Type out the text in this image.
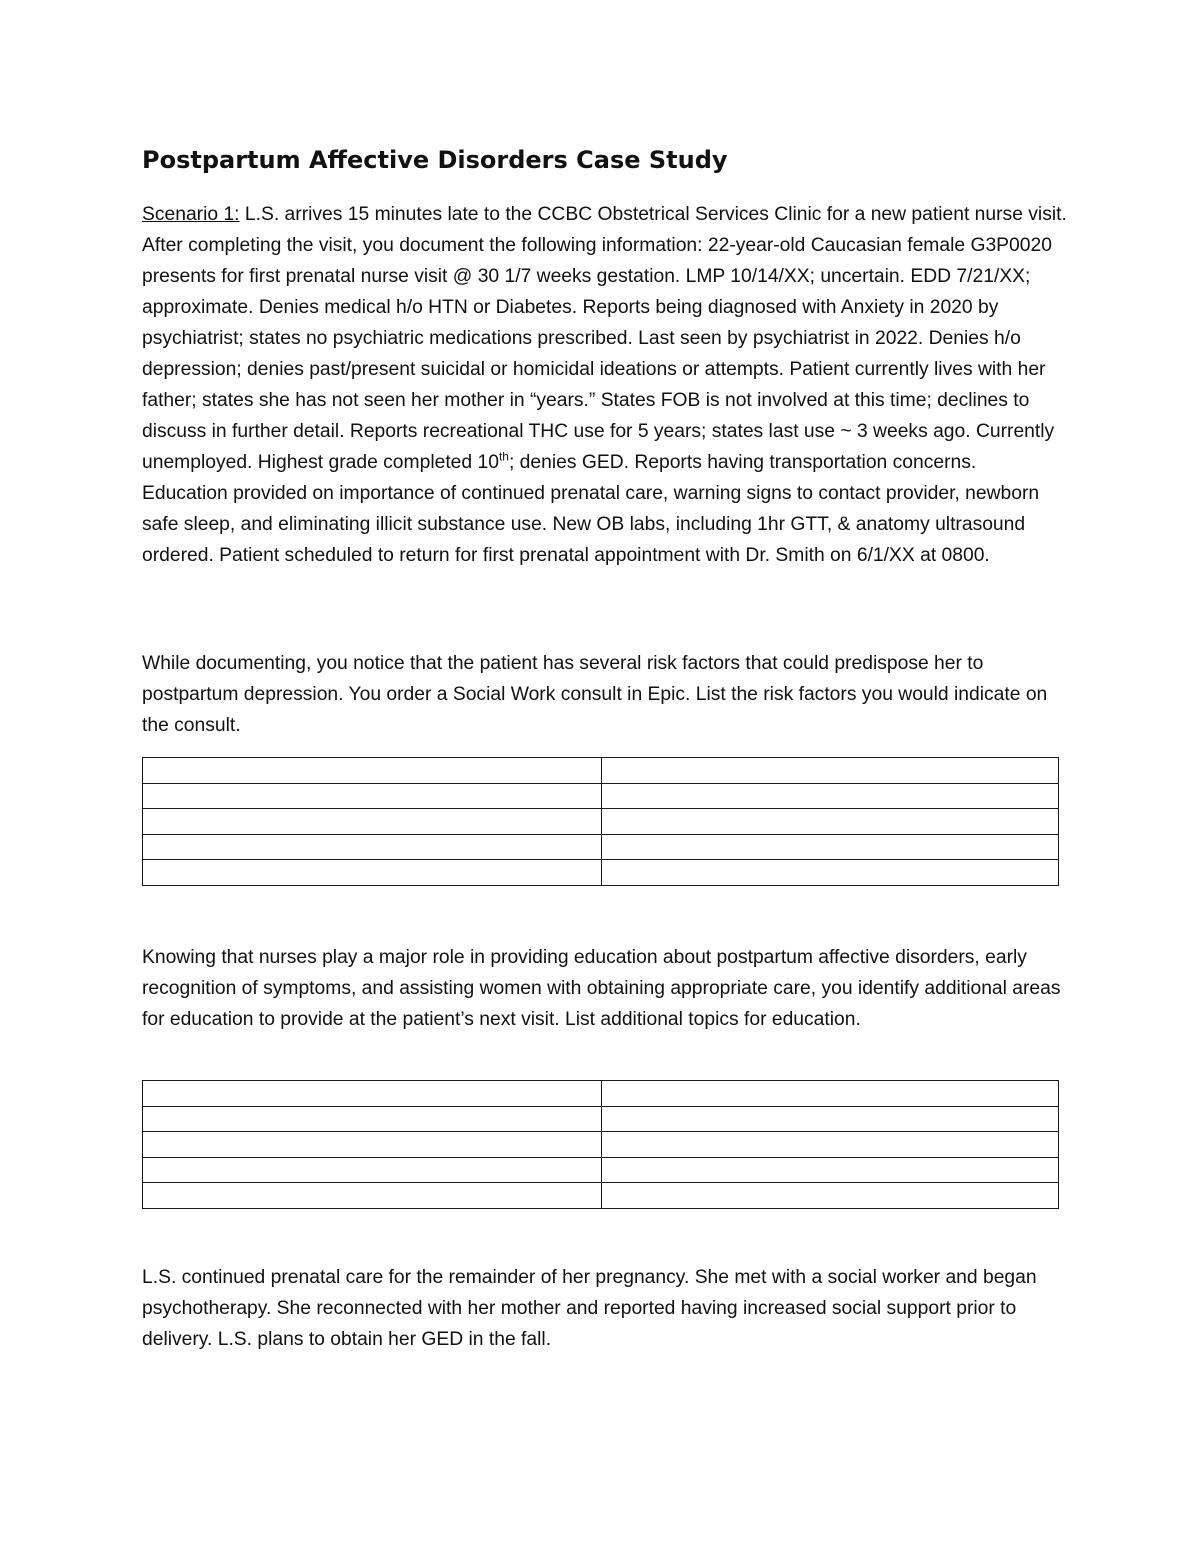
Postpartum Affective Disorders Case Study
Scenario 1: L.S. arrives 15 minutes late to the CCBC Obstetrical Services Clinic for a new patient nurse visit. After completing the visit, you document the following information: 22-year-old Caucasian female G3P0020 presents for first prenatal nurse visit @ 30 1/7 weeks gestation. LMP 10/14/XX; uncertain. EDD 7/21/XX; approximate. Denies medical h/o HTN or Diabetes. Reports being diagnosed with Anxiety in 2020 by psychiatrist; states no psychiatric medications prescribed. Last seen by psychiatrist in 2022. Denies h/o depression; denies past/present suicidal or homicidal ideations or attempts. Patient currently lives with her father; states she has not seen her mother in “years.” States FOB is not involved at this time; declines to discuss in further detail. Reports recreational THC use for 5 years; states last use ~ 3 weeks ago. Currently unemployed. Highest grade completed 10th; denies GED. Reports having transportation concerns. Education provided on importance of continued prenatal care, warning signs to contact provider, newborn safe sleep, and eliminating illicit substance use. New OB labs, including 1hr GTT, & anatomy ultrasound ordered. Patient scheduled to return for first prenatal appointment with Dr. Smith on 6/1/XX at 0800.
While documenting, you notice that the patient has several risk factors that could predispose her to postpartum depression. You order a Social Work consult in Epic. List the risk factors you would indicate on the consult.

Knowing that nurses play a major role in providing education about postpartum affective disorders, early recognition of symptoms, and assisting women with obtaining appropriate care, you identify additional areas for education to provide at the patient’s next visit. List additional topics for education.

L.S. continued prenatal care for the remainder of her pregnancy. She met with a social worker and began psychotherapy. She reconnected with her mother and reported having increased social support prior to delivery. L.S. plans to obtain her GED in the fall.
